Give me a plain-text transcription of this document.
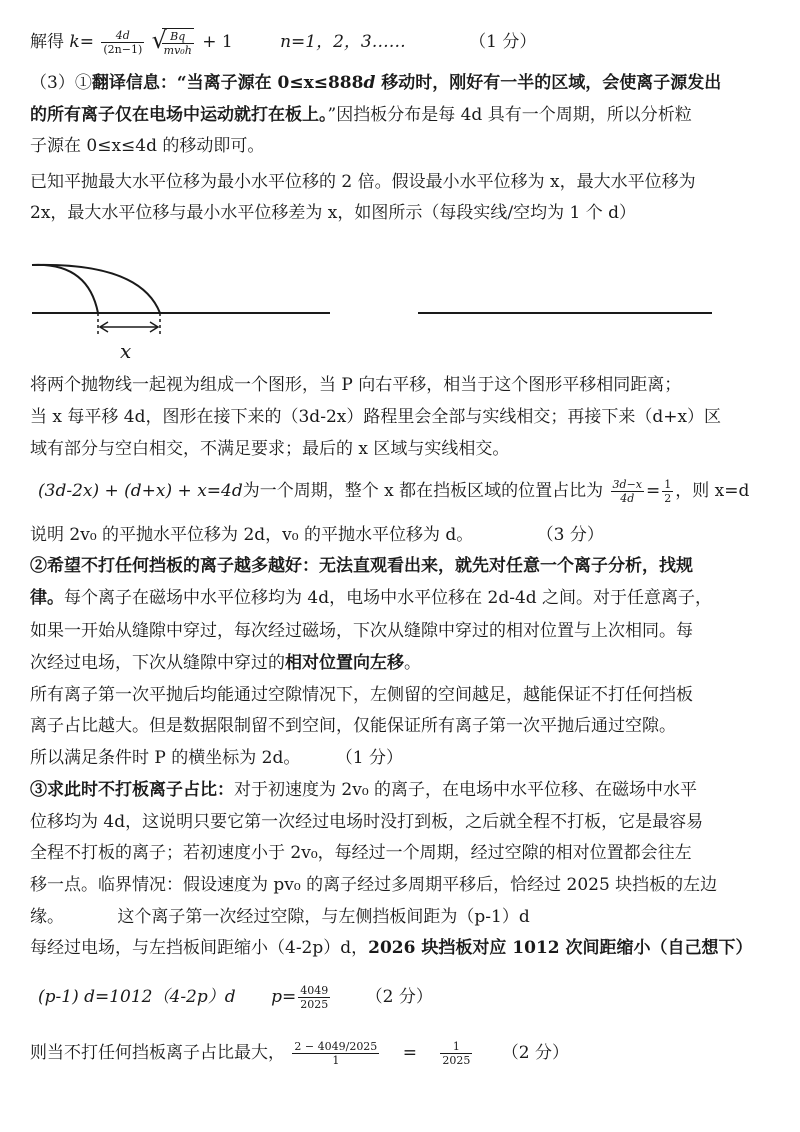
解得 $k= \frac{4d}{(2n-1)}$
√
$\frac{Bq}{\text{mv₀h}} + 1$	n=1，2，3……	（1 分）
（3）①翻译信息：“当离子源在 0≤x≤888d 移动时，刚好有一半的区域，会使离子源发出
的所有离子仅在电场中运动就打在板上。”因挡板分布是每 4d 具有一个周期，所以分析粒
子源在 0≤x≤4d 的移动即可。
已知平抛最大水平位移为最小水平位移的 2 倍。假设最小水平位移为 x，最大水平位移为
2x，最大水平位移与最小水平位移差为 x，如图所示（每段实线/空均为 1 个 d）
x
将两个抛物线一起视为组成一个图形，当 P 向右平移，相当于这个图形平移相同距离；
当 x 每平移 4d，图形在接下来的（3d-2x）路程里会全部与实线相交；再接下来（d+x）区
域有部分与空白相交，不满足要求；最后的 x 区域与实线相交。
(3d-2x) + (d+x) + x=4d为一个周期，整个 x 都在挡板区域的位置占比为 $\frac{3d-x}{4d} = \frac{1}{2}$ ，则 x=d
说明 2v₀ 的平抛水平位移为 2d，v₀ 的平抛水平位移为 d。	（3 分）
②希望不打任何挡板的离子越多越好：无法直观看出来，就先对任意一个离子分析，找规
律。每个离子在磁场中水平位移均为 4d，电场中水平位移在 2d-4d 之间。对于任意离子，
如果一开始从缝隙中穿过，每次经过磁场，下次从缝隙中穿过的相对位置与上次相同。每
次经过电场，下次从缝隙中穿过的相对位置向左移。
所有离子第一次平抛后均能通过空隙情况下，左侧留的空间越足，越能保证不打任何挡板
离子占比越大。但是数据限制留不到空间，仅能保证所有离子第一次平抛后通过空隙。
所以满足条件时 P 的横坐标为 2d。 （1 分）
③求此时不打板离子占比：对于初速度为 2v₀ 的离子，在电场中水平位移、在磁场中水平
位移均为 4d，这说明只要它第一次经过电场时没打到板，之后就全程不打板，它是最容易
全程不打板的离子；若初速度小于 2v₀，每经过一个周期，经过空隙的相对位置都会往左
移一点。临界情况：假设速度为 pv₀ 的离子经过多周期平移后，恰经过 2025 块挡板的左边
缘。	这个离子第一次经过空隙，与左侧挡板间距为（p-1）d
每经过电场，与左挡板间距缩小（4-2p）d，2026 块挡板对应 1012 次间距缩小（自己想下）
(p-1) d=1012（4-2p）d $p= \frac{4049}{2025} (2$ 分）
则当不打任何挡板离子占比最大， $\frac{2 - 4049/2025}{1} = \frac{1}{2025} (2$ 分）
